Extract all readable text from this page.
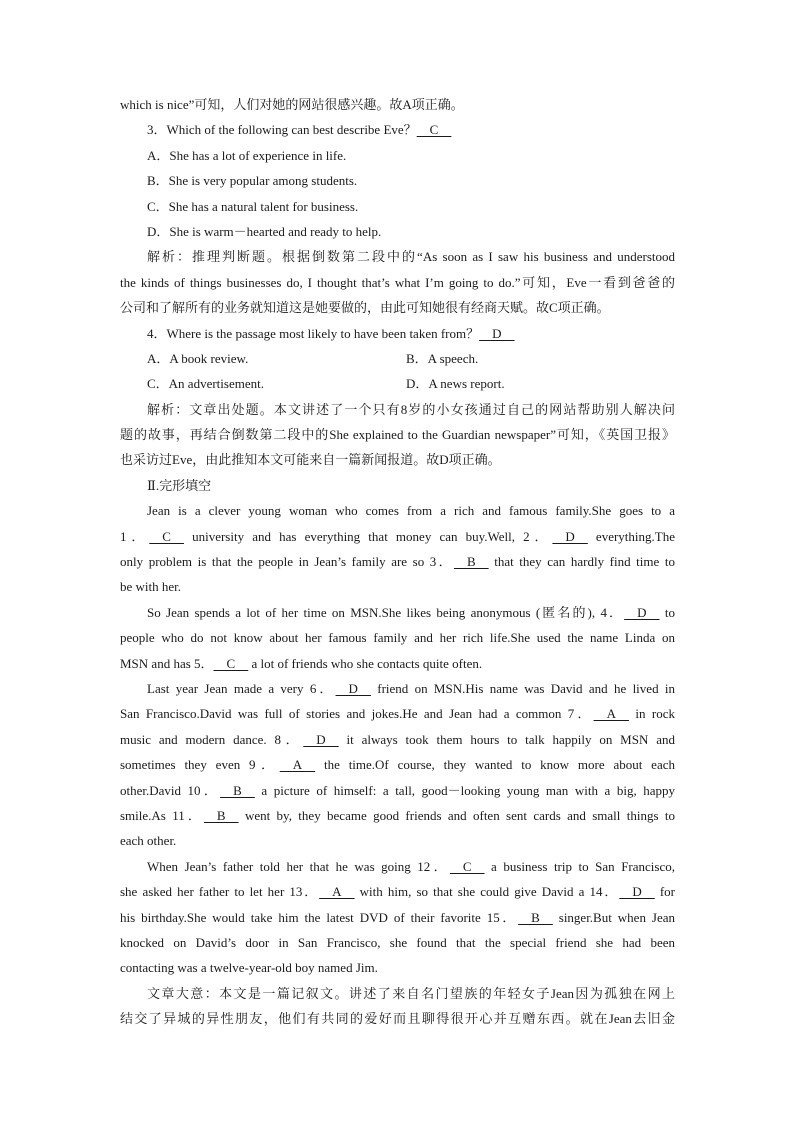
which is nice”可知，人们对她的网站很感兴趣。故A项正确。
3．Which of the following can best describe Eve？  C  
A．She has a lot of experience in life.
B．She is very popular among students.
C．She has a natural talent for business.
D．She is warm－hearted and ready to help.
解析：推理判断题。根据倒数第二段中的“As soon as I saw his business and understood
the kinds of things businesses do, I thought that’s what I’m going to do.”可知，Eve一看到爸爸的
公司和了解所有的业务就知道这是她要做的，由此可知她很有经商天赋。故C项正确。
4．Where is the passage most likely to have been taken from？  D  
A．A book review.	B．A speech.
C．An advertisement.	D．A news report.
解析：文章出处题。本文讲述了一个只有8岁的小女孩通过自己的网站帮助别人解决问
题的故事，再结合倒数第二段中的She explained to the Guardian newspaper”可知，《英国卫报》
也采访过Eve，由此推知本文可能来自一篇新闻报道。故D项正确。
Ⅱ.完形填空
Jean is a clever young woman who comes from a rich and famous family.She goes to a
1．  C   university and has everything that money can buy.Well, 2．  D   everything.The
only problem is that the people in Jean’s family are so 3．  B   that they can hardly find time to
be with her.
So Jean spends a lot of her time on MSN.She likes being anonymous (匿名的), 4．  D   to
people who do not know about her famous family and her rich life.She used the name Linda on
MSN and has 5．  C   a lot of friends who she contacts quite often.
Last year Jean made a very 6．  D   friend on MSN.His name was David and he lived in
San Francisco.David was full of stories and jokes.He and Jean had a common 7．  A   in rock
music and modern dance. 8．  D   it always took them hours to talk happily on MSN and
sometimes they even 9．  A   the time.Of course, they wanted to know more about each
other.David 10．  B   a picture of himself: a tall, good－looking young man with a big, happy
smile.As 11．  B   went by, they became good friends and often sent cards and small things to
each other.
When Jean’s father told her that he was going 12．  C   a business trip to San Francisco,
she asked her father to let her 13．  A   with him, so that she could give David a 14．  D   for
his birthday.She would take him the latest DVD of their favorite 15．  B   singer.But when Jean
knocked on David’s door in San Francisco, she found that the special friend she had been
contacting was a twelve-year-old boy named Jim.
文章大意：本文是一篇记叙文。讲述了来自名门望族的年轻女子Jean因为孤独在网上
结交了异城的异性朋友，他们有共同的爱好而且聊得很开心并互赠东西。就在Jean去旧金
